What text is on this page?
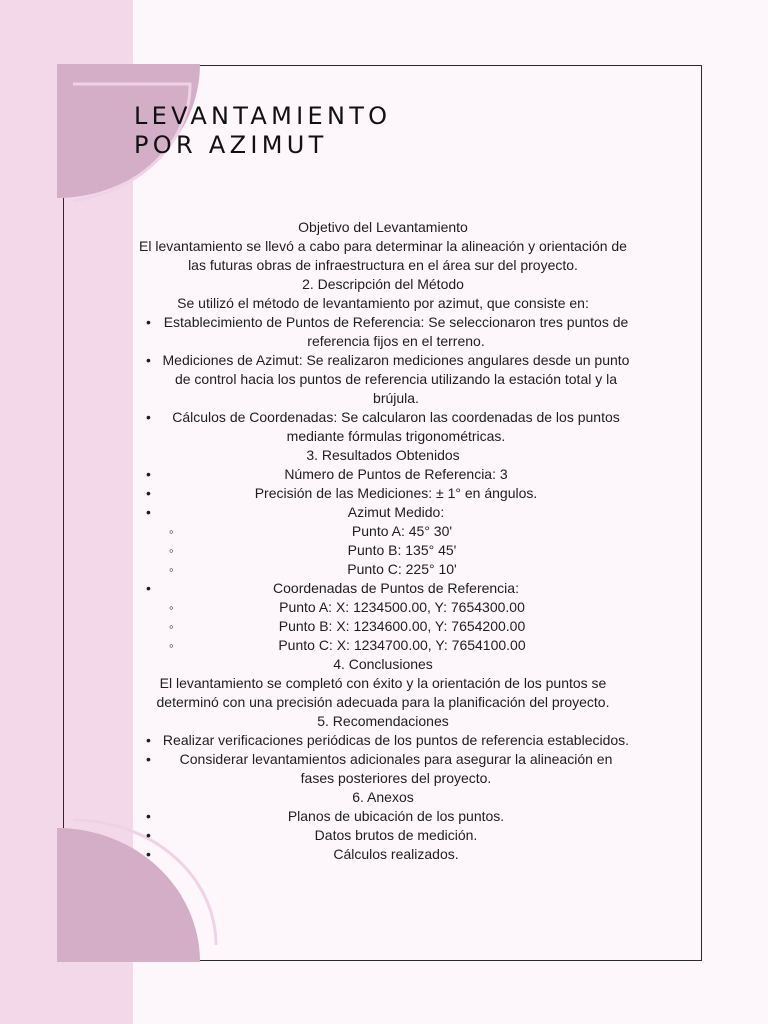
LEVANTAMIENTO
POR AZIMUT

Objetivo del Levantamiento

El levantamiento se llevó a cabo para determinar la alineación y orientación de las futuras obras de infraestructura en el área sur del proyecto.

2. Descripción del Método

Se utilizó el método de levantamiento por azimut, que consiste en:

• Establecimiento de Puntos de Referencia: Se seleccionaron tres puntos de referencia fijos en el terreno.
• Mediciones de Azimut: Se realizaron mediciones angulares desde un punto de control hacia los puntos de referencia utilizando la estación total y la brújula.
• Cálculos de Coordenadas: Se calcularon las coordenadas de los puntos mediante fórmulas trigonométricas.

3. Resultados Obtenidos

• Número de Puntos de Referencia: 3
• Precisión de las Mediciones: ± 1° en ángulos.
• Azimut Medido:
◦ Punto A: 45° 30'
◦ Punto B: 135° 45'
◦ Punto C: 225° 10'
• Coordenadas de Puntos de Referencia:
◦ Punto A: X: 1234500.00, Y: 7654300.00
◦ Punto B: X: 1234600.00, Y: 7654200.00
◦ Punto C: X: 1234700.00, Y: 7654100.00

4. Conclusiones

El levantamiento se completó con éxito y la orientación de los puntos se determinó con una precisión adecuada para la planificación del proyecto.

5. Recomendaciones

• Realizar verificaciones periódicas de los puntos de referencia establecidos.
• Considerar levantamientos adicionales para asegurar la alineación en fases posteriores del proyecto.

6. Anexos

• Planos de ubicación de los puntos.
• Datos brutos de medición.
• Cálculos realizados.
